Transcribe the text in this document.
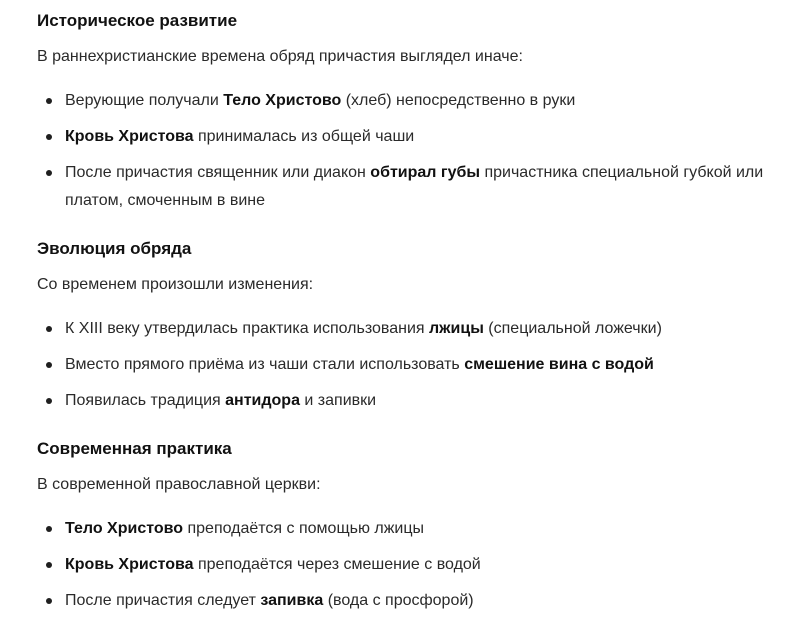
Историческое развитие

В раннехристианские времена обряд причастия выглядел иначе:

Верующие получали Тело Христово (хлеб) непосредственно в руки
Кровь Христова принималась из общей чаши
После причастия священник или диакон обтирал губы причастника специальной губкой или платом, смоченным в вине
Эволюция обряда

Со временем произошли изменения:

К XIII веку утвердилась практика использования лжицы (специальной ложечки)
Вместо прямого приёма из чаши стали использовать смешение вина с водой
Появилась традиция антидора и запивки
Современная практика

В современной православной церкви:

Тело Христово преподаётся с помощью лжицы
Кровь Христова преподаётся через смешение с водой
После причастия следует запивка (вода с просфорой)
